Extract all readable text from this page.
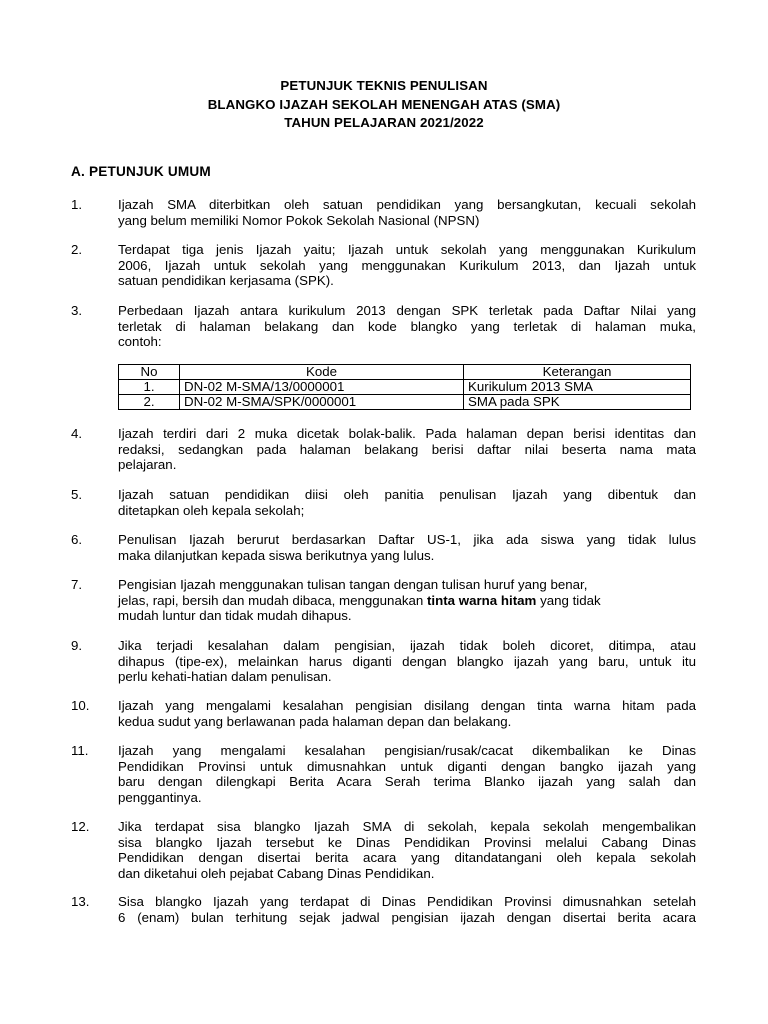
PETUNJUK TEKNIS PENULISAN
BLANGKO IJAZAH SEKOLAH MENENGAH ATAS (SMA)
TAHUN PELAJARAN 2021/2022
A. PETUNJUK UMUM
1.	Ijazah SMA diterbitkan oleh satuan pendidikan yang bersangkutan, kecuali sekolah
yang belum memiliki Nomor Pokok Sekolah Nasional (NPSN)
2.	Terdapat tiga jenis Ijazah yaitu; Ijazah untuk sekolah yang menggunakan Kurikulum
2006, Ijazah untuk sekolah yang menggunakan Kurikulum 2013, dan Ijazah untuk
satuan pendidikan kerjasama (SPK).
3.	Perbedaan Ijazah antara kurikulum 2013 dengan SPK terletak pada Daftar Nilai yang
terletak di halaman belakang dan kode blangko yang terletak di halaman muka,
contoh:
No	Kode	Keterangan
1.	DN-02 M-SMA/13/0000001	Kurikulum 2013 SMA
2.	DN-02 M-SMA/SPK/0000001	SMA pada SPK
4.	Ijazah terdiri dari 2 muka dicetak bolak-balik. Pada halaman depan berisi identitas dan
redaksi, sedangkan pada halaman belakang berisi daftar nilai beserta nama mata
pelajaran.
5.	Ijazah satuan pendidikan diisi oleh panitia penulisan Ijazah yang dibentuk dan
ditetapkan oleh kepala sekolah;
6.	Penulisan Ijazah berurut berdasarkan Daftar US-1, jika ada siswa yang tidak lulus
maka dilanjutkan kepada siswa berikutnya yang lulus.
7.	Pengisian Ijazah menggunakan tulisan tangan dengan tulisan huruf yang benar,
jelas, rapi, bersih dan mudah dibaca, menggunakan tinta warna hitam yang tidak
mudah luntur dan tidak mudah dihapus.
9.	Jika terjadi kesalahan dalam pengisian, ijazah tidak boleh dicoret, ditimpa, atau
dihapus (tipe-ex), melainkan harus diganti dengan blangko ijazah yang baru, untuk itu
perlu kehati-hatian dalam penulisan.
10.	Ijazah yang mengalami kesalahan pengisian disilang dengan tinta warna hitam pada
kedua sudut yang berlawanan pada halaman depan dan belakang.
11.	Ijazah yang mengalami kesalahan pengisian/rusak/cacat dikembalikan ke Dinas
Pendidikan Provinsi untuk dimusnahkan untuk diganti dengan bangko ijazah yang
baru dengan dilengkapi Berita Acara Serah terima Blanko ijazah yang salah dan
penggantinya.
12.	Jika terdapat sisa blangko Ijazah SMA di sekolah, kepala sekolah mengembalikan
sisa blangko Ijazah tersebut ke Dinas Pendidikan Provinsi melalui Cabang Dinas
Pendidikan dengan disertai berita acara yang ditandatangani oleh kepala sekolah
dan diketahui oleh pejabat Cabang Dinas Pendidikan.
13.	Sisa blangko Ijazah yang terdapat di Dinas Pendidikan Provinsi dimusnahkan setelah
6 (enam) bulan terhitung sejak jadwal pengisian ijazah dengan disertai berita acara
